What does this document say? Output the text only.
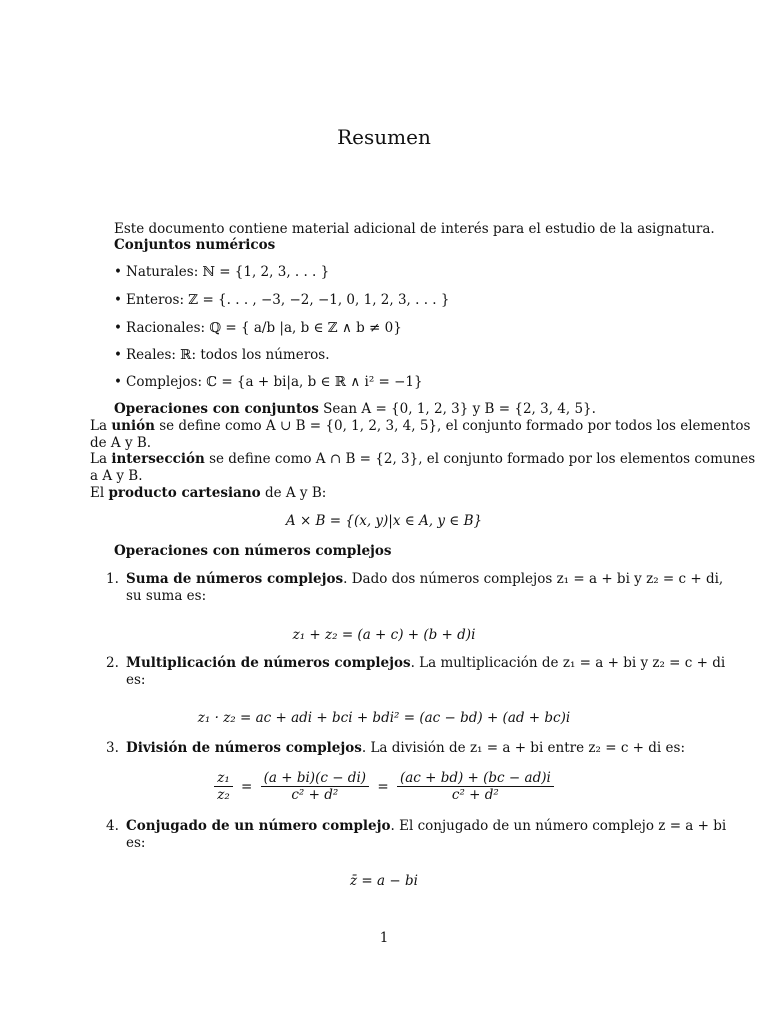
Resumen
Este documento contiene material adicional de interés para el estudio de la asignatura.
Conjuntos numéricos
• Naturales: ℕ = {1, 2, 3, . . . }
• Enteros: ℤ = {. . . , −3, −2, −1, 0, 1, 2, 3, . . . }
• Racionales: ℚ = { a/b |a, b ∈ ℤ ∧ b ≠ 0}
• Reales: ℝ: todos los números.
• Complejos: ℂ = {a + bi|a, b ∈ ℝ ∧ i² = −1}
Operaciones con conjuntos Sean A = {0, 1, 2, 3} y B = {2, 3, 4, 5}.
La unión se define como A ∪ B = {0, 1, 2, 3, 4, 5}, el conjunto formado por todos los elementos
de A y B.
La intersección se define como A ∩ B = {2, 3}, el conjunto formado por los elementos comunes
a A y B.
El producto cartesiano de A y B:
A × B = {(x, y)|x ∈ A, y ∈ B}
Operaciones con números complejos
1. Suma de números complejos. Dado dos números complejos z₁ = a + bi y z₂ = c + di,
su suma es:
z₁ + z₂ = (a + c) + (b + d)i
2. Multiplicación de números complejos. La multiplicación de z₁ = a + bi y z₂ = c + di
es:
z₁ · z₂ = ac + adi + bci + bdi² = (ac − bd) + (ad + bc)i
3. División de números complejos. La división de z₁ = a + bi entre z₂ = c + di es:
$\frac{\text{z₁}}{\text{z₂}} = \frac{(a + bi)(c - di)}{\text{c² + d²}} = \frac{(ac + bd) + (bc - ad)i}{\text{c² + d²}}$
4. Conjugado de un número complejo. El conjugado de un número complejo z = a + bi
es:
z̄ = a − bi
1
